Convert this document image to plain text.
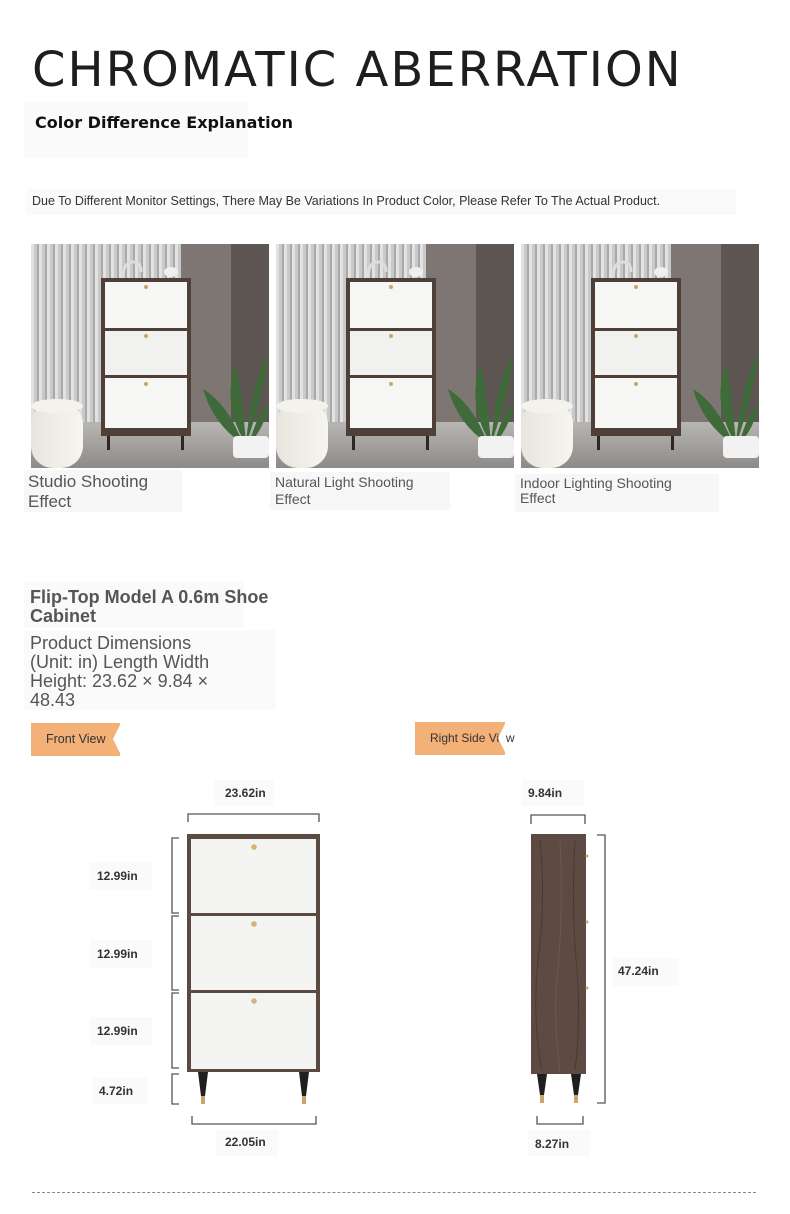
CHROMATIC ABERRATION
Color Difference Explanation
Due To Different Monitor Settings, There May Be Variations In Product Color, Please Refer To The Actual Product.
Studio Shooting
Effect
Natural Light Shooting
Effect
Indoor Lighting Shooting
Effect
Flip-Top Model A 0.6m Shoe
Cabinet
Product Dimensions
(Unit: in) Length Width
Height: 23.62 × 9.84 ×
48.43
Front View	Right Side View
23.62in
12.99in
12.99in
12.99in
4.72in
22.05in
9.84in
47.24in
8.27in
